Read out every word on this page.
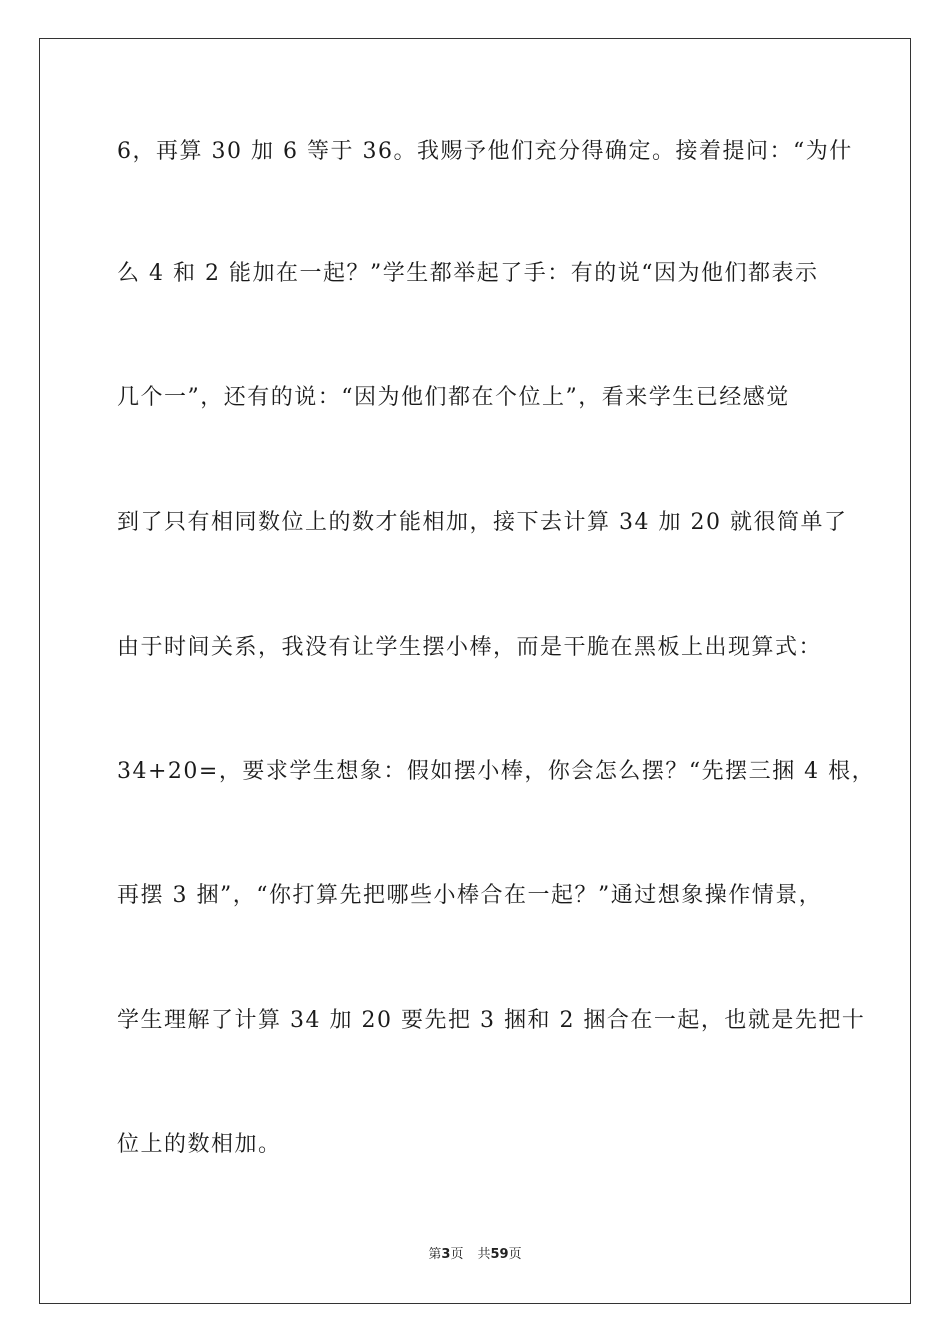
6，再算 30 加 6 等于 36。我赐予他们充分得确定。接着提问：“为什
么 4 和 2 能加在一起？”学生都举起了手：有的说“因为他们都表示
几个一”，还有的说：“因为他们都在个位上”，看来学生已经感觉
到了只有相同数位上的数才能相加，接下去计算 34 加 20 就很简单了
由于时间关系，我没有让学生摆小棒，而是干脆在黑板上出现算式：
34+20=，要求学生想象：假如摆小棒，你会怎么摆？“先摆三捆 4 根，
再摆 3 捆”，“你打算先把哪些小棒合在一起？”通过想象操作情景，
学生理解了计算 34 加 20 要先把 3 捆和 2 捆合在一起，也就是先把十
位上的数相加。
第3页 共59页
